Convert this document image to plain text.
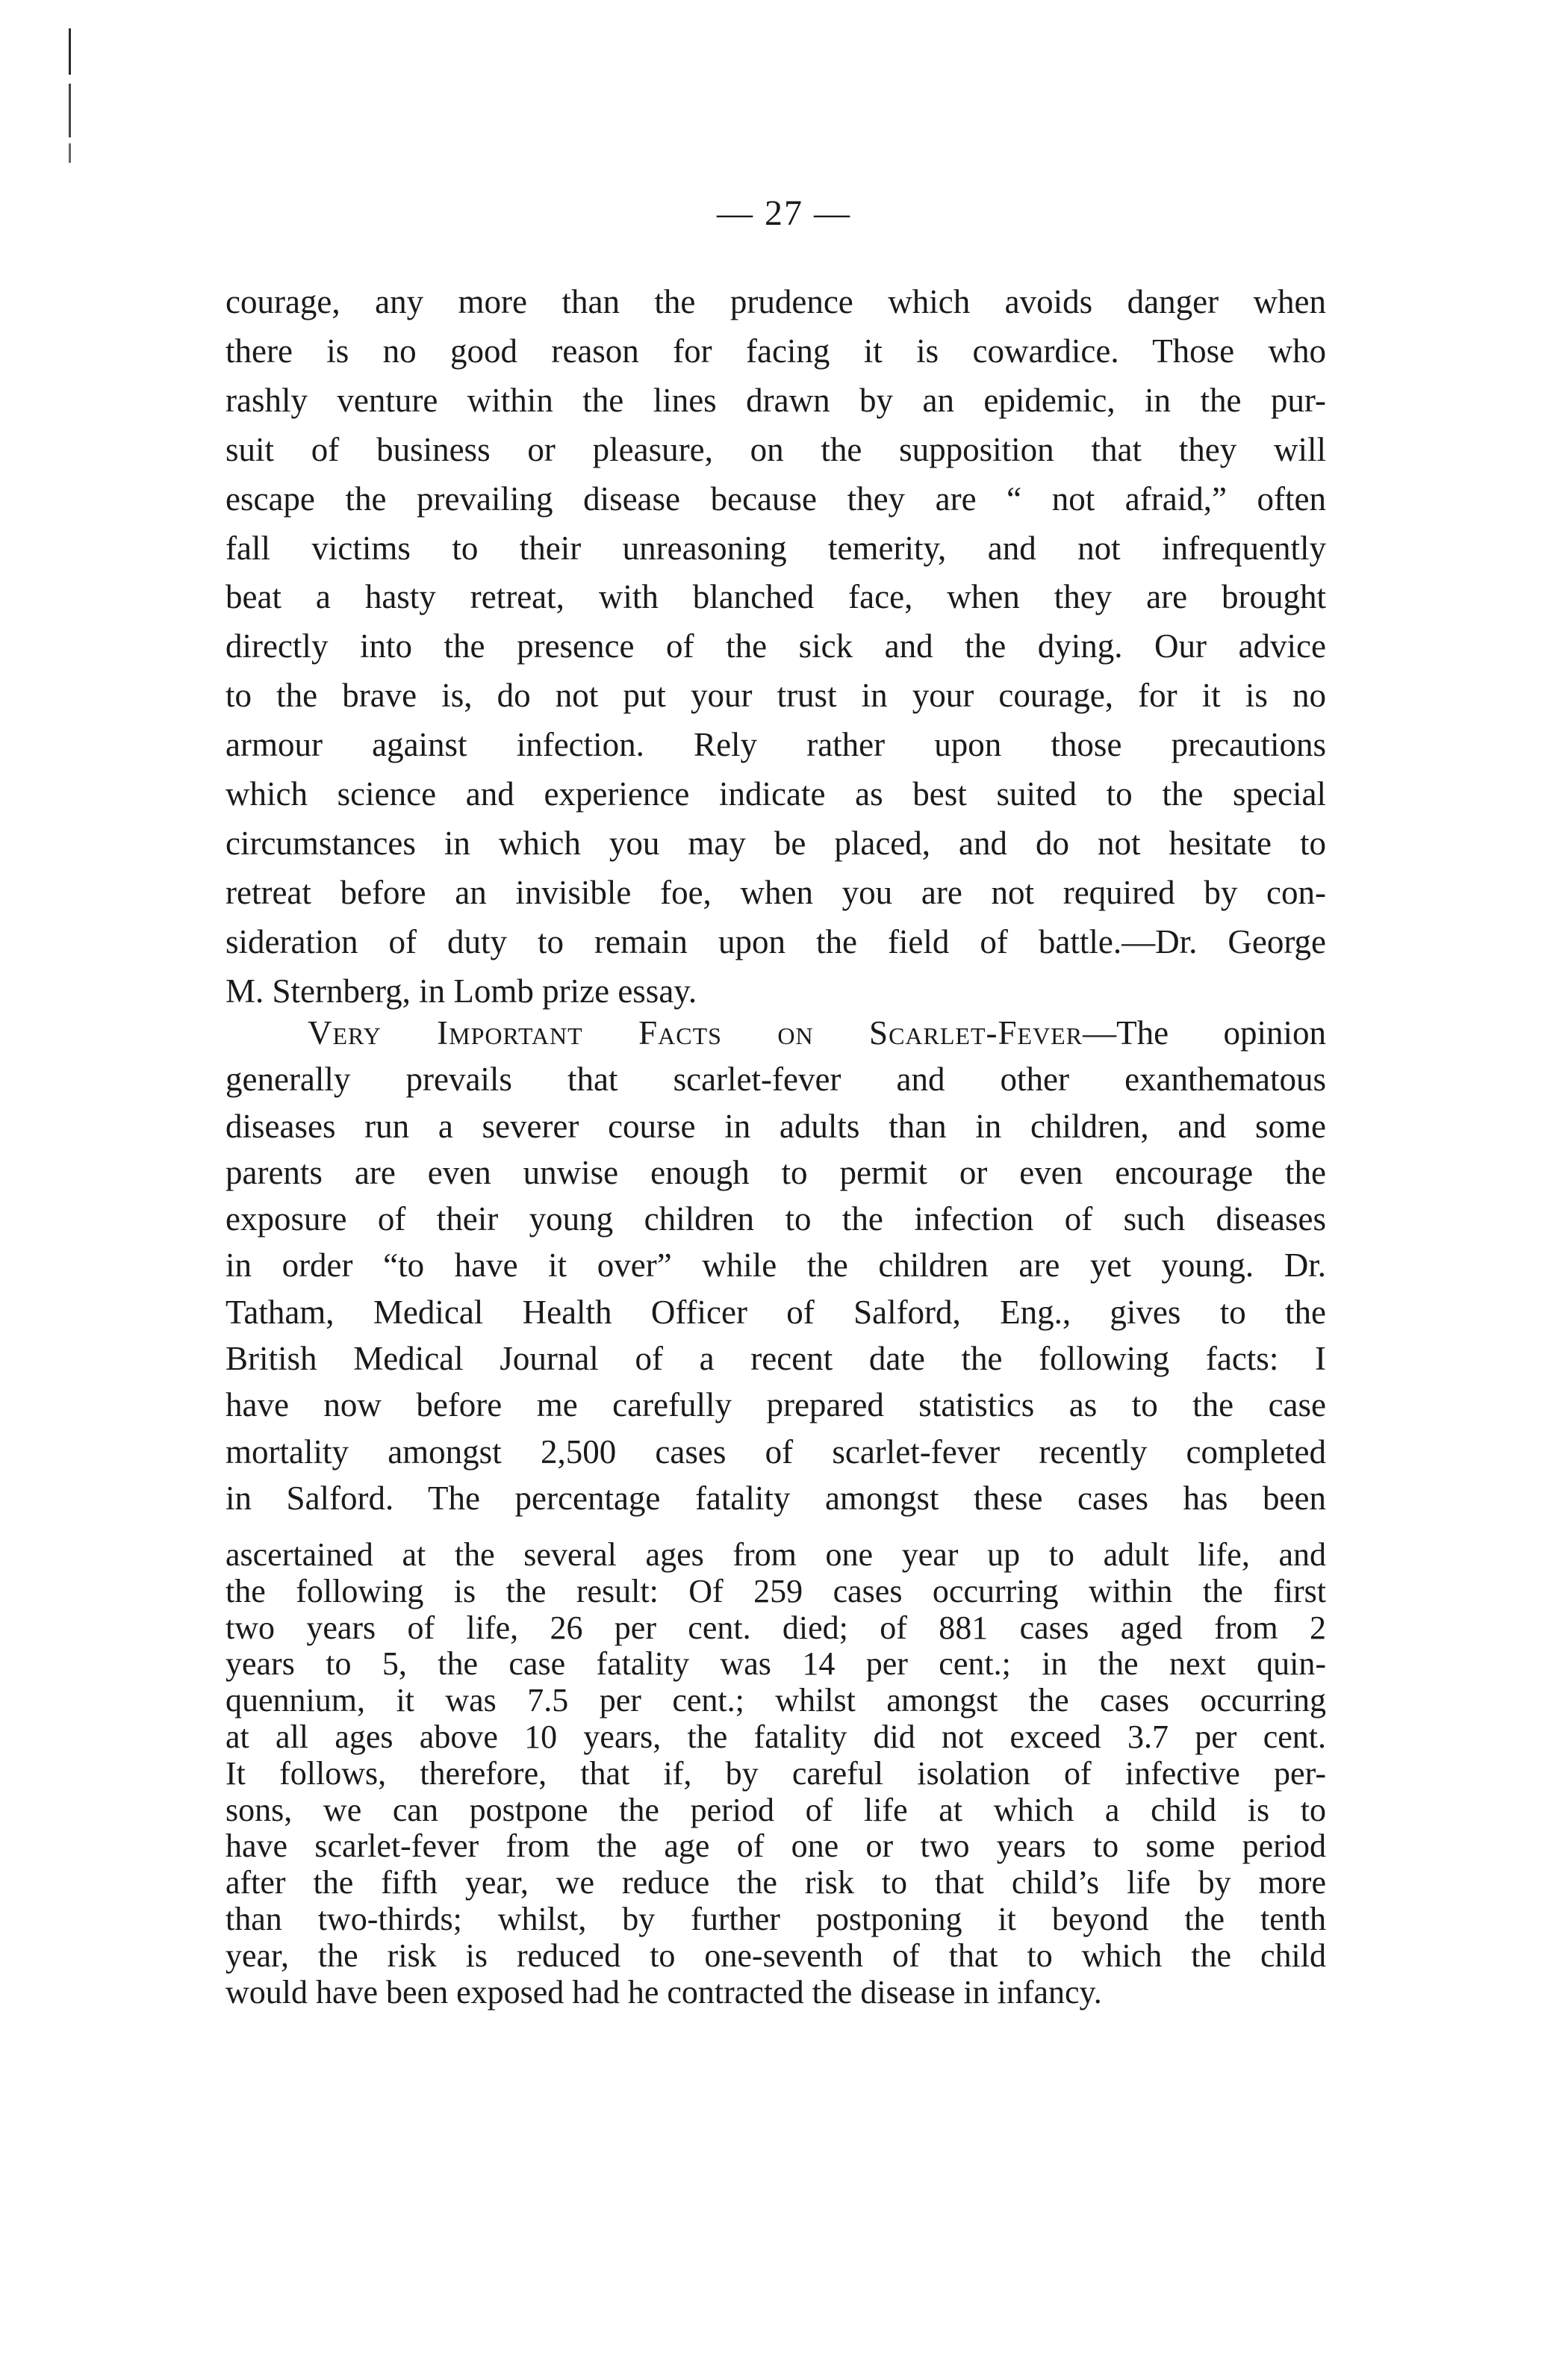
— 27 —
courage, any more than the prudence which avoids danger when
there is no good reason for facing it is cowardice. Those who
rashly venture within the lines drawn by an epidemic, in the pur-
suit of business or pleasure, on the supposition that they will
escape the prevailing disease because they are “ not afraid,” often
fall victims to their unreasoning temerity, and not infrequently
beat a hasty retreat, with blanched face, when they are brought
directly into the presence of the sick and the dying. Our advice
to the brave is, do not put your trust in your courage, for it is no
armour against infection. Rely rather upon those precautions
which science and experience indicate as best suited to the special
circumstances in which you may be placed, and do not hesitate to
retreat before an invisible foe, when you are not required by con-
sideration of duty to remain upon the field of battle.—Dr. George
M. Sternberg, in Lomb prize essay.
Very Important Facts on Scarlet-Fever—The opinion
generally prevails that scarlet-fever and other exanthematous
diseases run a severer course in adults than in children, and some
parents are even unwise enough to permit or even encourage the
exposure of their young children to the infection of such diseases
in order “to have it over” while the children are yet young. Dr.
Tatham, Medical Health Officer of Salford, Eng., gives to the
British Medical Journal of a recent date the following facts: I
have now before me carefully prepared statistics as to the case
mortality amongst 2,500 cases of scarlet-fever recently completed
in Salford. The percentage fatality amongst these cases has been
ascertained at the several ages from one year up to adult life, and
the following is the result: Of 259 cases occurring within the first
two years of life, 26 per cent. died; of 881 cases aged from 2
years to 5, the case fatality was 14 per cent.; in the next quin-
quennium, it was 7.5 per cent.; whilst amongst the cases occurring
at all ages above 10 years, the fatality did not exceed 3.7 per cent.
It follows, therefore, that if, by careful isolation of infective per-
sons, we can postpone the period of life at which a child is to
have scarlet-fever from the age of one or two years to some period
after the fifth year, we reduce the risk to that child’s life by more
than two-thirds; whilst, by further postponing it beyond the tenth
year, the risk is reduced to one-seventh of that to which the child
would have been exposed had he contracted the disease in infancy.
